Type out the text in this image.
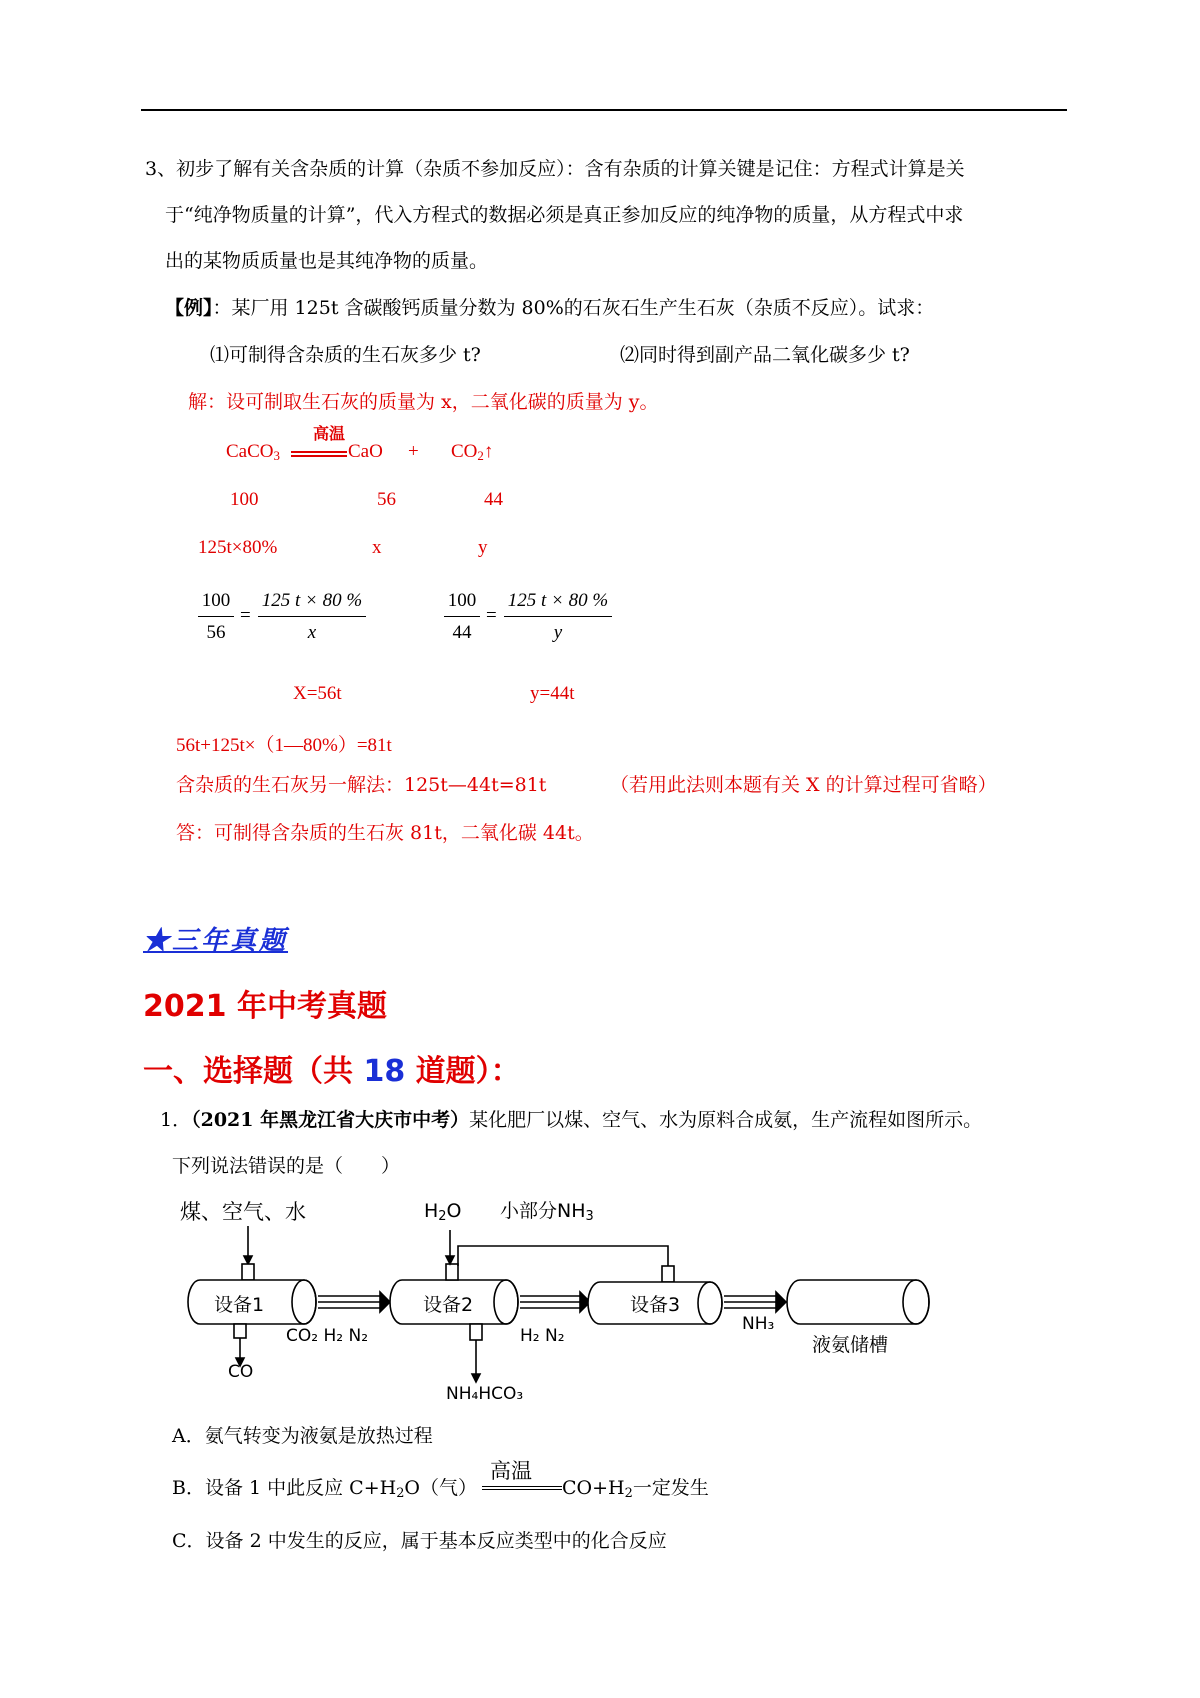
3、初步了解有关含杂质的计算（杂质不参加反应）：含有杂质的计算关键是记住：方程式计算是关
于“纯净物质量的计算”，代入方程式的数据必须是真正参加反应的纯净物的质量，从方程式中求
出的某物质质量也是其纯净物的质量。
【例】：某厂用 125t 含碳酸钙质量分数为 80%的石灰石生产生石灰（杂质不反应）。试求：
⑴可制得含杂质的生石灰多少 t?	⑵同时得到副产品二氧化碳多少 t?
解：设可制取生石灰的质量为 x，二氧化碳的质量为 y。
高温
CaCO$_3$	CaO + $CO_2↑$
100	56	44
125t×80%	x	y
100
56
=
125 t × 80 %
x
100
44
=
125 t × 80 %
y
X=56t	y=44t
56t+125t×（1—80%）=81t
含杂质的生石灰另一解法：125t—44t=81t	（若用此法则本题有关 X 的计算过程可省略）
答：可制得含杂质的生石灰 81t，二氧化碳 44t。
★三年真题
2021 年中考真题
一、选择题（共 18 道题）：
1．（2021 年黑龙江省大庆市中考）某化肥厂以煤、空气、水为原料合成氨，生产流程如图所示。
下列说法错误的是（　　）
煤、空气、水	$H_2O$ 小部分$NH_3$
设备1	设备2	设备3
液氨储槽
CO₂ H₂ N₂
CO
H₂ N₂
NH₃
NH₄HCO₃
A．氨气转变为液氨是放热过程
B．设备 1 中此反应 $C+H_2O$（气）
高温
$CO+H_2$一定发生
C．设备 2 中发生的反应，属于基本反应类型中的化合反应
